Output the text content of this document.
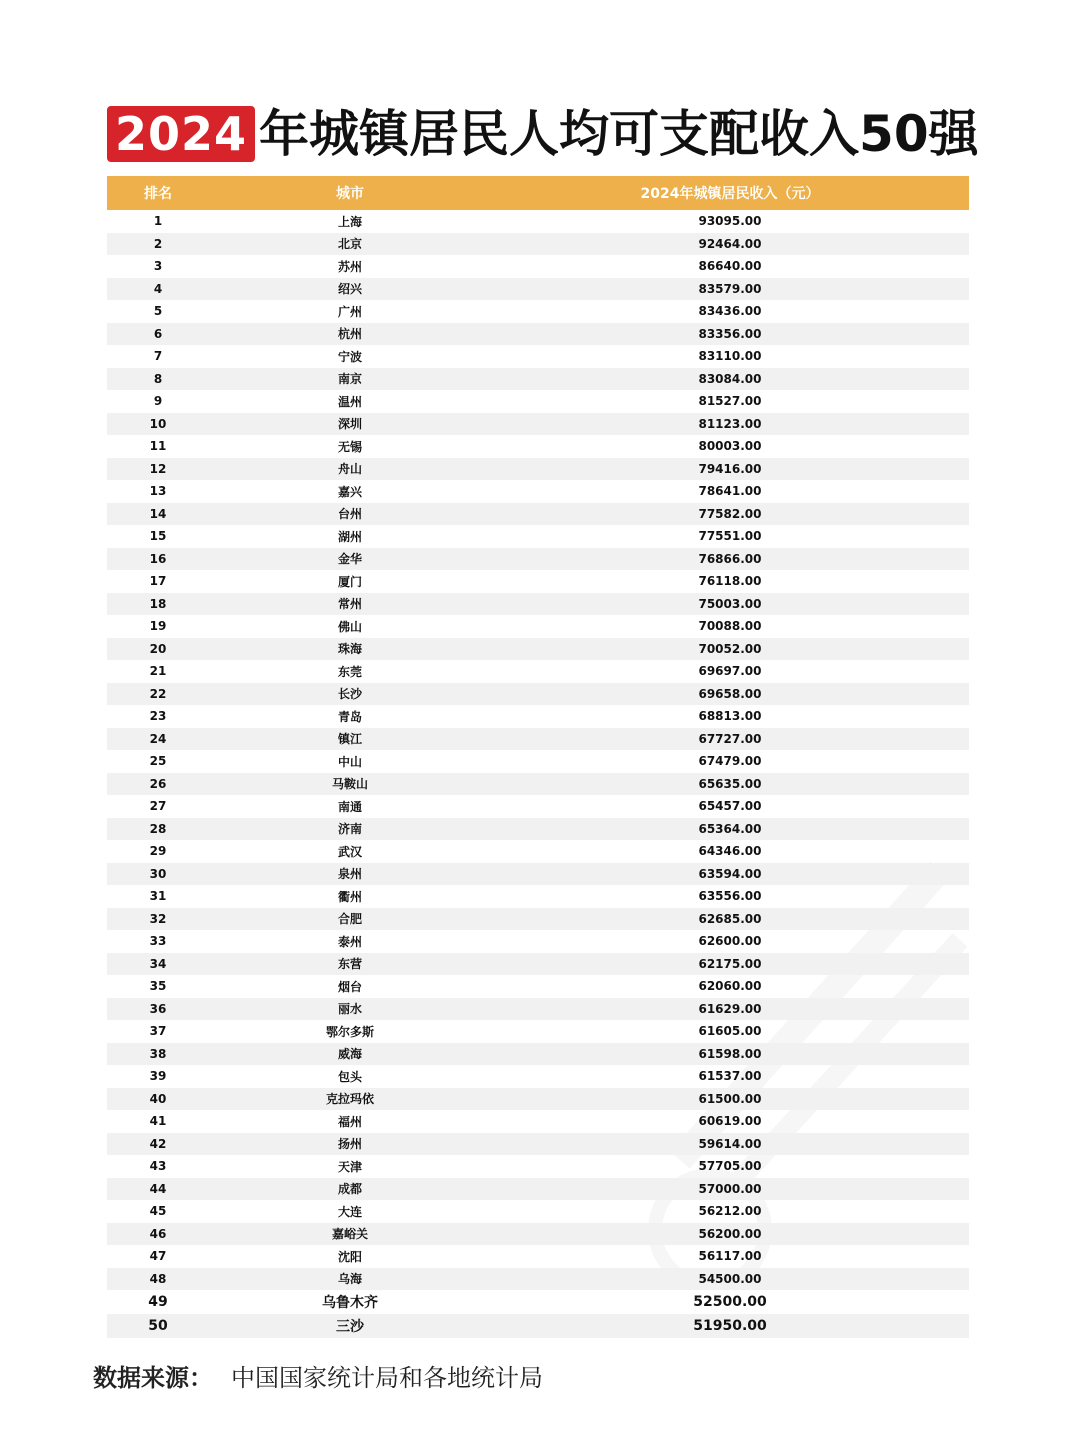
2024 年城镇居民人均可支配收入50强
排名	城市	2024年城镇居民收入（元）
1	上海	93095.00
2	北京	92464.00
3	苏州	86640.00
4	绍兴	83579.00
5	广州	83436.00
6	杭州	83356.00
7	宁波	83110.00
8	南京	83084.00
9	温州	81527.00
10	深圳	81123.00
11	无锡	80003.00
12	舟山	79416.00
13	嘉兴	78641.00
14	台州	77582.00
15	湖州	77551.00
16	金华	76866.00
17	厦门	76118.00
18	常州	75003.00
19	佛山	70088.00
20	珠海	70052.00
21	东莞	69697.00
22	长沙	69658.00
23	青岛	68813.00
24	镇江	67727.00
25	中山	67479.00
26	马鞍山	65635.00
27	南通	65457.00
28	济南	65364.00
29	武汉	64346.00
30	泉州	63594.00
31	衢州	63556.00
32	合肥	62685.00
33	泰州	62600.00
34	东营	62175.00
35	烟台	62060.00
36	丽水	61629.00
37	鄂尔多斯	61605.00
38	威海	61598.00
39	包头	61537.00
40	克拉玛依	61500.00
41	福州	60619.00
42	扬州	59614.00
43	天津	57705.00
44	成都	57000.00
45	大连	56212.00
46	嘉峪关	56200.00
47	沈阳	56117.00
48	乌海	54500.00
49	乌鲁木齐	52500.00
50	三沙	51950.00
数据来源： 中国国家统计局和各地统计局
